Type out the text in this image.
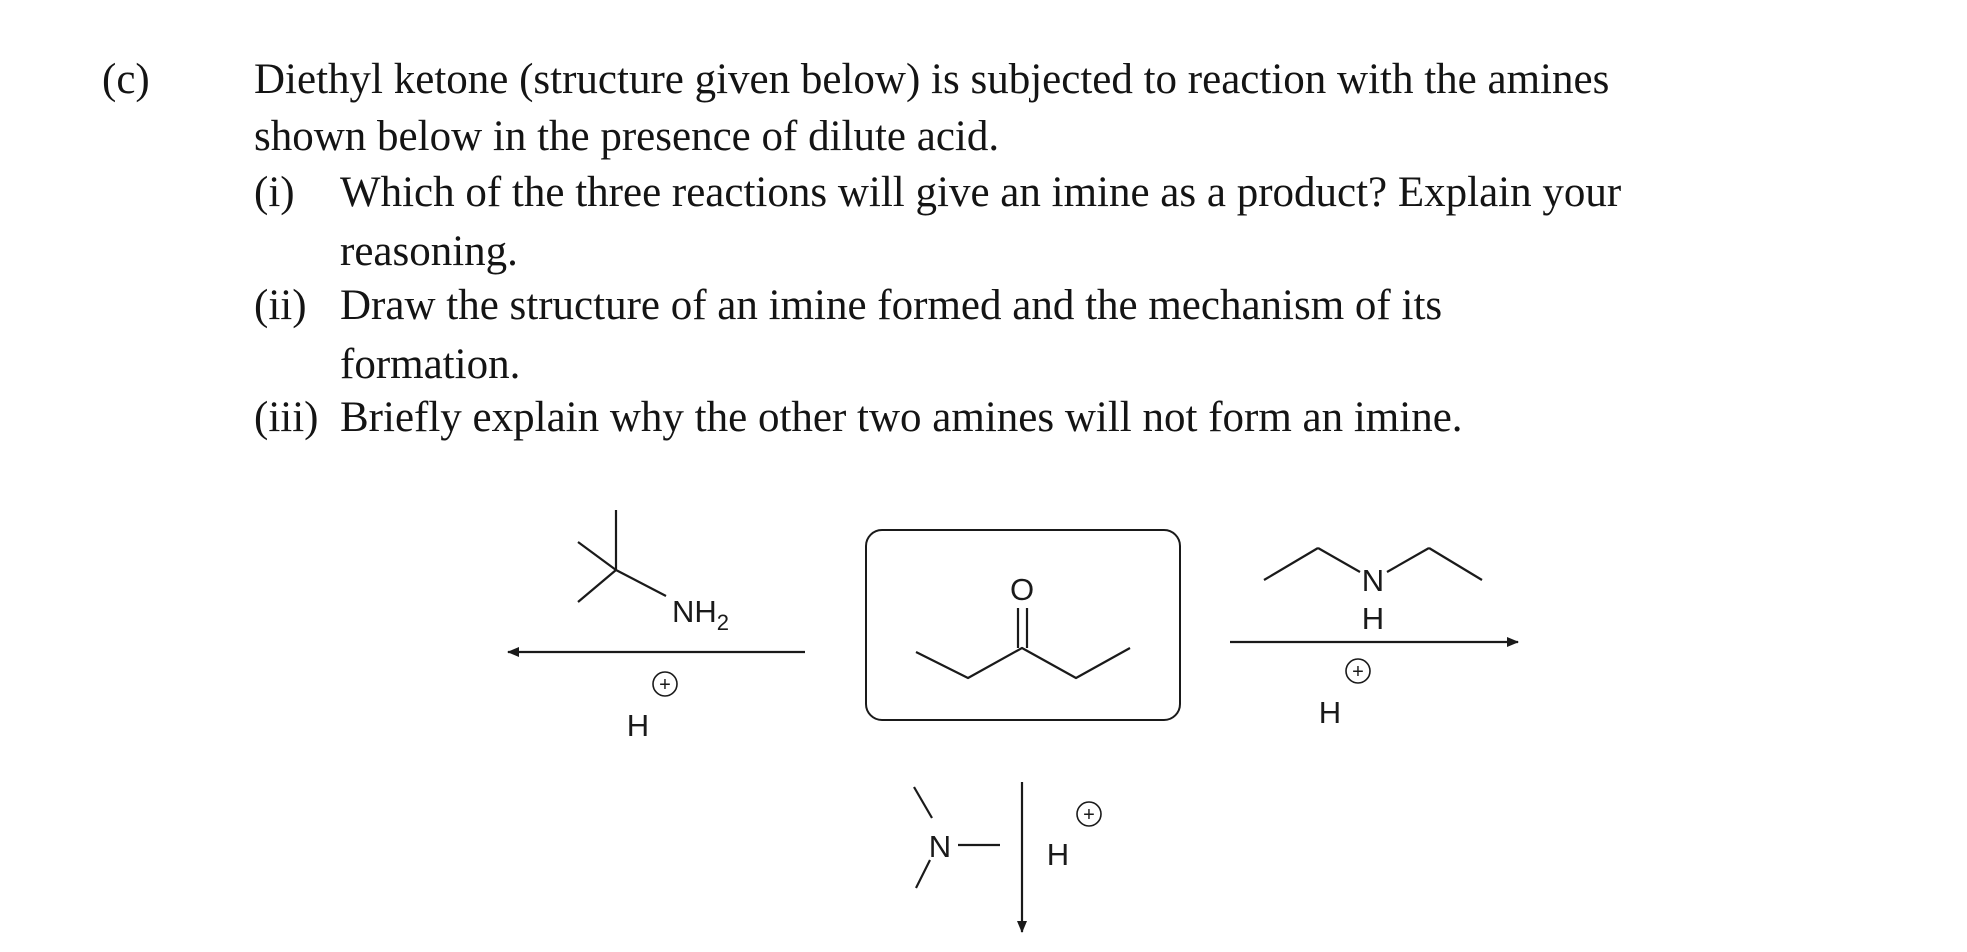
(c) Diethyl ketone (structure given below) is subjected to reaction with the amines
shown below in the presence of dilute acid.
(i) Which of the three reactions will give an imine as a product? Explain your
reasoning.
(ii) Draw the structure of an imine formed and the mechanism of its
formation.
(iii) Briefly explain why the other two amines will not form an imine.
O
$NH_2$
H
+
N
H
H
+
N	H
+
